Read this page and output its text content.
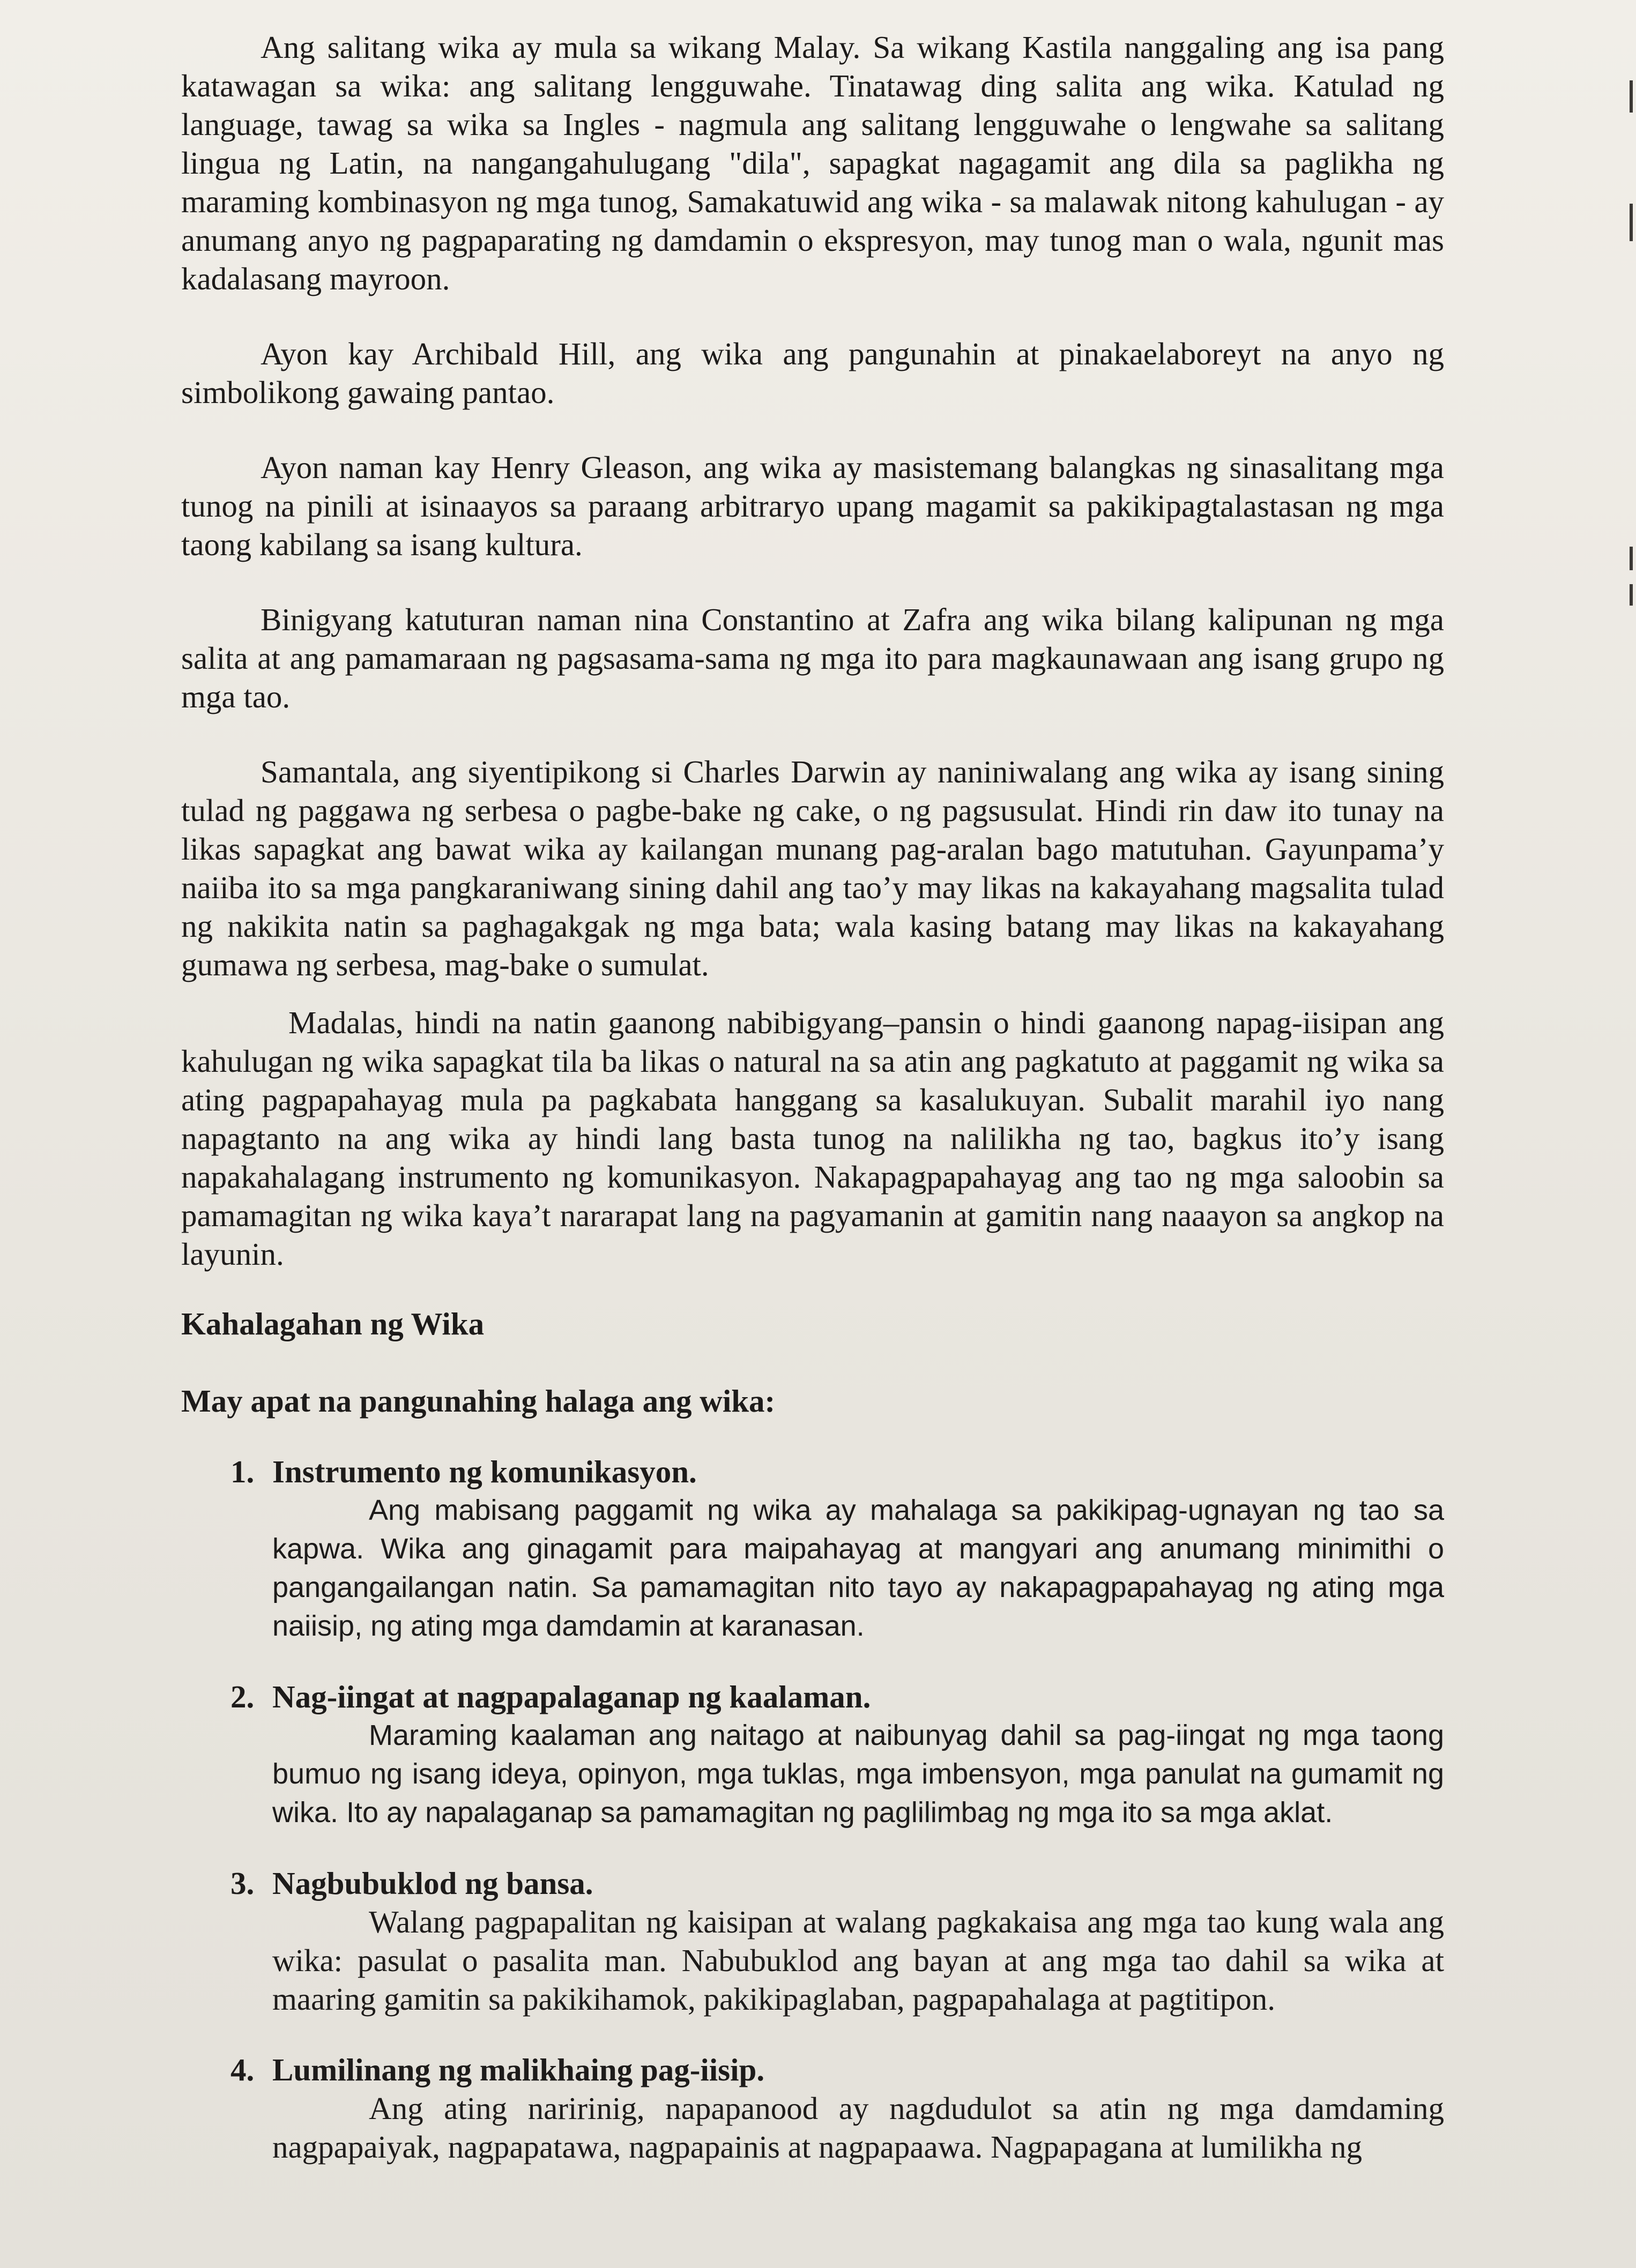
Ang salitang wika ay mula sa wikang Malay. Sa wikang Kastila nanggaling ang isa pang katawagan sa wika: ang salitang lengguwahe. Tinatawag ding salita ang wika. Katulad ng language, tawag sa wika sa Ingles - nagmula ang salitang lengguwahe o lengwahe sa salitang lingua ng Latin, na nangangahulugang "dila", sapagkat nagagamit ang dila sa paglikha ng maraming kombinasyon ng mga tunog, Samakatuwid ang wika - sa malawak nitong kahulugan - ay anumang anyo ng pagpaparating ng damdamin o ekspresyon, may tunog man o wala, ngunit mas kadalasang mayroon.

Ayon kay Archibald Hill, ang wika ang pangunahin at pinakaelaboreyt na anyo ng simbolikong gawaing pantao.

Ayon naman kay Henry Gleason, ang wika ay masistemang balangkas ng sinasalitang mga tunog na pinili at isinaayos sa paraang arbitraryo upang magamit sa pakikipagtalastasan ng mga taong kabilang sa isang kultura.

Binigyang katuturan naman nina Constantino at Zafra ang wika bilang kalipunan ng mga salita at ang pamamaraan ng pagsasama-sama ng mga ito para magkaunawaan ang isang grupo ng mga tao.

Samantala, ang siyentipikong si Charles Darwin ay naniniwalang ang wika ay isang sining tulad ng paggawa ng serbesa o pagbe-bake ng cake, o ng pagsusulat. Hindi rin daw ito tunay na likas sapagkat ang bawat wika ay kailangan munang pag-aralan bago matutuhan. Gayunpama’y naiiba ito sa mga pangkaraniwang sining dahil ang tao’y may likas na kakayahang magsalita tulad ng nakikita natin sa paghagakgak ng mga bata; wala kasing batang may likas na kakayahang gumawa ng serbesa, mag-bake o sumulat.

Madalas, hindi na natin gaanong nabibigyang–pansin o hindi gaanong napag-iisipan ang kahulugan ng wika sapagkat tila ba likas o natural na sa atin ang pagkatuto at paggamit ng wika sa ating pagpapahayag mula pa pagkabata hanggang sa kasalukuyan. Subalit marahil iyo nang napagtanto na ang wika ay hindi lang basta tunog na nalilikha ng tao, bagkus ito’y isang napakahalagang instrumento ng komunikasyon. Nakapagpapahayag ang tao ng mga saloobin sa pamamagitan ng wika kaya’t nararapat lang na pagyamanin at gamitin nang naaayon sa angkop na layunin.

Kahalagahan ng Wika
May apat na pangunahing halaga ang wika:
1. Instrumento ng komunikasyon.

Ang mabisang paggamit ng wika ay mahalaga sa pakikipag-ugnayan ng tao sa kapwa. Wika ang ginagamit para maipahayag at mangyari ang anumang minimithi o pangangailangan natin. Sa pamamagitan nito tayo ay nakapagpapahayag ng ating mga naiisip, ng ating mga damdamin at karanasan.

2. Nag-iingat at nagpapalaganap ng kaalaman.

Maraming kaalaman ang naitago at naibunyag dahil sa pag-iingat ng mga taong bumuo ng isang ideya, opinyon, mga tuklas, mga imbensyon, mga panulat na gumamit ng wika. Ito ay napalaganap sa pamamagitan ng paglilimbag ng mga ito sa mga aklat.

3. Nagbubuklod ng bansa.

Walang pagpapalitan ng kaisipan at walang pagkakaisa ang mga tao kung wala ang wika: pasulat o pasalita man. Nabubuklod ang bayan at ang mga tao dahil sa wika at maaring gamitin sa pakikihamok, pakikipaglaban, pagpapahalaga at pagtitipon.

4. Lumilinang ng malikhaing pag-iisip.

Ang ating naririnig, napapanood ay nagdudulot sa atin ng mga damdaming nagpapaiyak, nagpapatawa, nagpapainis at nagpapaawa. Nagpapagana at lumilikha ng
